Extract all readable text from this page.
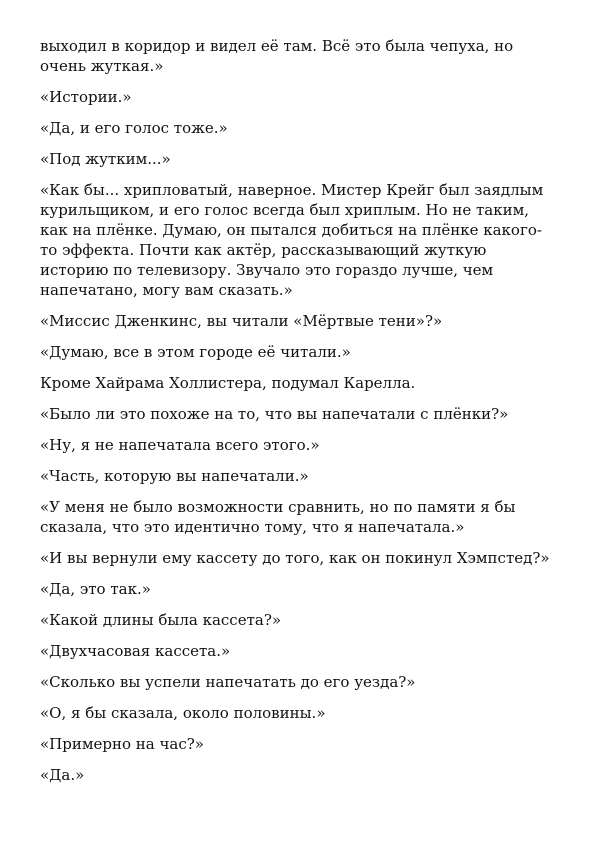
выходил в коридор и видел её там. Всё это была чепуха, но
очень жуткая.»

«Истории.»

«Да, и его голос тоже.»

«Под жутким...»

«Как бы... хрипловатый, наверное. Мистер Крейг был заядлым
курильщиком, и его голос всегда был хриплым. Но не таким,
как на плёнке. Думаю, он пытался добиться на плёнке какого-
то эффекта. Почти как актёр, рассказывающий жуткую
историю по телевизору. Звучало это гораздо лучше, чем
напечатано, могу вам сказать.»

«Миссис Дженкинс, вы читали «Мёртвые тени»?»

«Думаю, все в этом городе её читали.»

Кроме Хайрама Холлистера, подумал Карелла.

«Было ли это похоже на то, что вы напечатали с плёнки?»

«Ну, я не напечатала всего этого.»

«Часть, которую вы напечатали.»

«У меня не было возможности сравнить, но по памяти я бы
сказала, что это идентично тому, что я напечатала.»

«И вы вернули ему кассету до того, как он покинул Хэмпстед?»

«Да, это так.»

«Какой длины была кассета?»

«Двухчасовая кассета.»

«Сколько вы успели напечатать до его уезда?»

«О, я бы сказала, около половины.»

«Примерно на час?»

«Да.»
